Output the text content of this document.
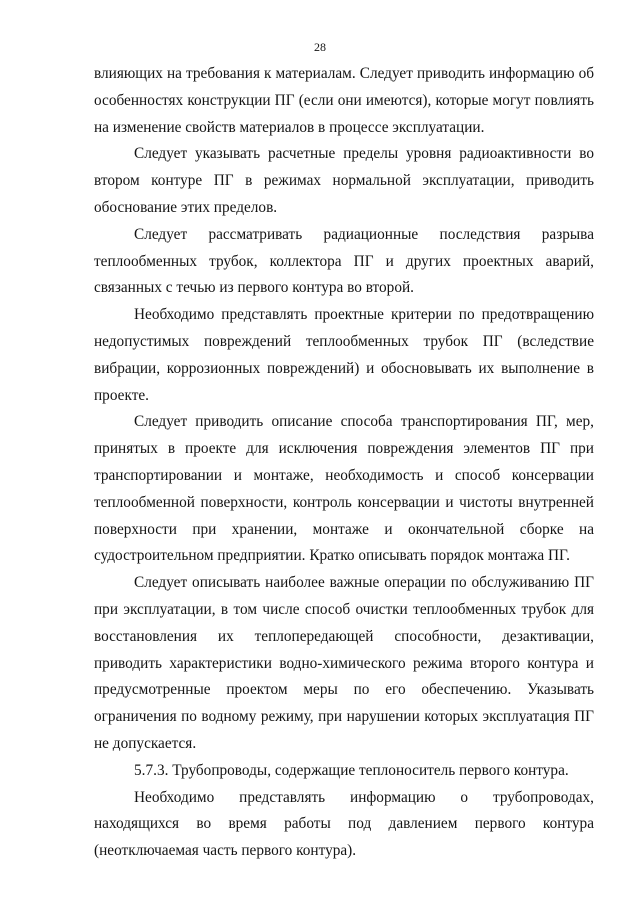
28

влияющих на требования к материалам. Следует приводить информацию об особенностях конструкции ПГ (если они имеются), которые могут повлиять на изменение свойств материалов в процессе эксплуатации.

Следует указывать расчетные пределы уровня радиоактивности во втором контуре ПГ в режимах нормальной эксплуатации, приводить обоснование этих пределов.

Следует рассматривать радиационные последствия разрыва теплообменных трубок, коллектора ПГ и других проектных аварий, связанных с течью из первого контура во второй.

Необходимо представлять проектные критерии по предотвращению недопустимых повреждений теплообменных трубок ПГ (вследствие вибрации, коррозионных повреждений) и обосновывать их выполнение в проекте.

Следует приводить описание способа транспортирования ПГ, мер, принятых в проекте для исключения повреждения элементов ПГ при транспортировании и монтаже, необходимость и способ консервации теплообменной поверхности, контроль консервации и чистоты внутренней поверхности при хранении, монтаже и окончательной сборке на судостроительном предприятии. Кратко описывать порядок монтажа ПГ.

Следует описывать наиболее важные операции по обслуживанию ПГ при эксплуатации, в том числе способ очистки теплообменных трубок для восстановления их теплопередающей способности, дезактивации, приводить характеристики водно-химического режима второго контура и предусмотренные проектом меры по его обеспечению. Указывать ограничения по водному режиму, при нарушении которых эксплуатация ПГ не допускается.

5.7.3. Трубопроводы, содержащие теплоноситель первого контура.

Необходимо представлять информацию о трубопроводах, находящихся во время работы под давлением первого контура (неотключаемая часть первого контура).
